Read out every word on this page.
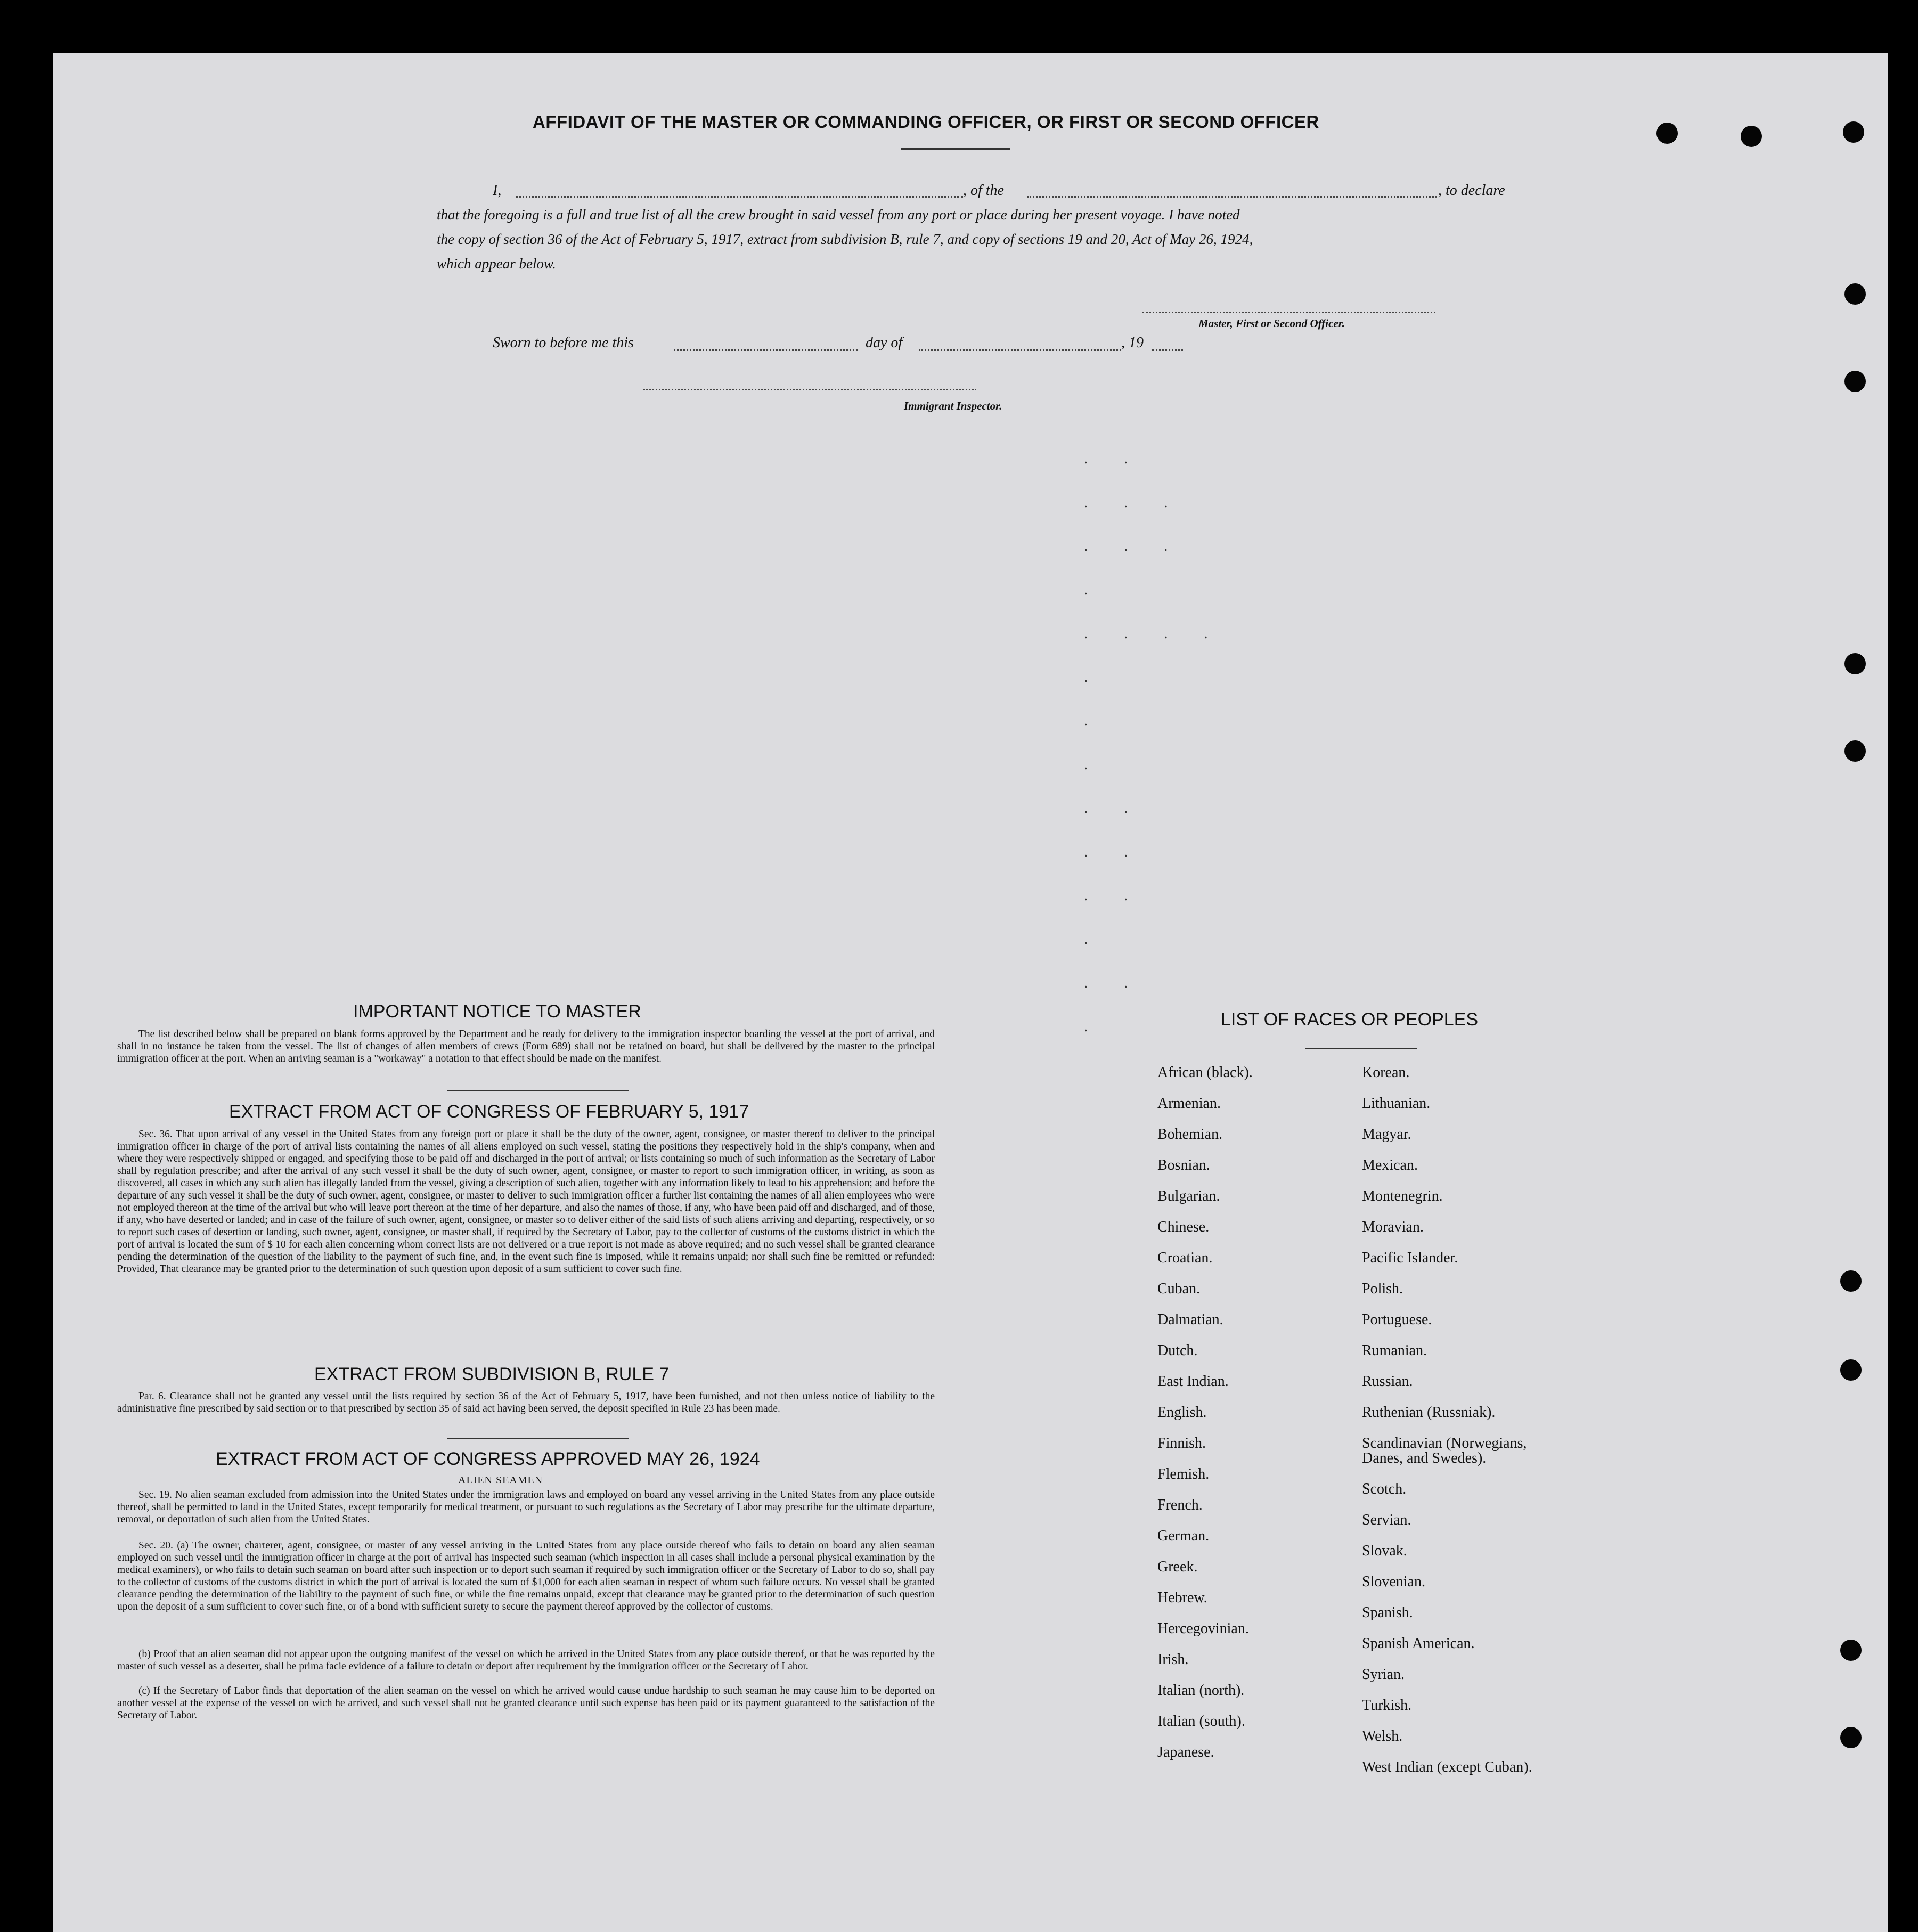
AFFIDAVIT OF THE MASTER OR COMMANDING OFFICER, OR FIRST OR SECOND OFFICER
I,	, of the	, to declare
that the foregoing is a full and true list of all the crew brought in said vessel from any port or place during her present voyage. I have noted
the copy of section 36 of the Act of February 5, 1917, extract from subdivision B, rule 7, and copy of sections 19 and 20, Act of May 26, 1924,
which appear below.
Master, First or Second Officer.
Sworn to before me this	day of	, 19
Immigrant Inspector.
. .
. . .
. . .
.
. . . .
.
.
.
. .
. .
. .
.
. .
.
IMPORTANT NOTICE TO MASTER
The list described below shall be prepared on blank forms approved by the Department and be ready for delivery to the immigration inspector boarding the vessel at the port of arrival, and shall in no instance be taken from the vessel. The list of changes of alien members of crews (Form 689) shall not be retained on board, but shall be delivered by the master to the principal immigration officer at the port. When an arriving seaman is a "workaway" a notation to that effect should be made on the manifest.
EXTRACT FROM ACT OF CONGRESS OF FEBRUARY 5, 1917
Sec. 36. That upon arrival of any vessel in the United States from any foreign port or place it shall be the duty of the owner, agent, consignee, or master thereof to deliver to the principal immigration officer in charge of the port of arrival lists containing the names of all aliens employed on such vessel, stating the positions they respectively hold in the ship's company, when and where they were respectively shipped or engaged, and specifying those to be paid off and discharged in the port of arrival; or lists containing so much of such information as the Secretary of Labor shall by regulation prescribe; and after the arrival of any such vessel it shall be the duty of such owner, agent, consignee, or master to report to such immigration officer, in writing, as soon as discovered, all cases in which any such alien has illegally landed from the vessel, giving a description of such alien, together with any information likely to lead to his apprehension; and before the departure of any such vessel it shall be the duty of such owner, agent, consignee, or master to deliver to such immigration officer a further list containing the names of all alien employees who were not employed thereon at the time of the arrival but who will leave port thereon at the time of her departure, and also the names of those, if any, who have been paid off and discharged, and of those, if any, who have deserted or landed; and in case of the failure of such owner, agent, consignee, or master so to deliver either of the said lists of such aliens arriving and departing, respectively, or so to report such cases of desertion or landing, such owner, agent, consignee, or master shall, if required by the Secretary of Labor, pay to the collector of customs of the customs district in which the port of arrival is located the sum of $ 10 for each alien concerning whom correct lists are not delivered or a true report is not made as above required; and no such vessel shall be granted clearance pending the determination of the question of the liability to the payment of such fine, and, in the event such fine is imposed, while it remains unpaid; nor shall such fine be remitted or refunded: Provided, That clearance may be granted prior to the determination of such question upon deposit of a sum sufficient to cover such fine.
EXTRACT FROM SUBDIVISION B, RULE 7
Par. 6. Clearance shall not be granted any vessel until the lists required by section 36 of the Act of February 5, 1917, have been furnished, and not then unless notice of liability to the administrative fine prescribed by said section or to that prescribed by section 35 of said act having been served, the deposit specified in Rule 23 has been made.
EXTRACT FROM ACT OF CONGRESS APPROVED MAY 26, 1924
ALIEN SEAMEN
Sec. 19. No alien seaman excluded from admission into the United States under the immigration laws and employed on board any vessel arriving in the United States from any place outside thereof, shall be permitted to land in the United States, except temporarily for medical treatment, or pursuant to such regulations as the Secretary of Labor may prescribe for the ultimate departure, removal, or deportation of such alien from the United States.
Sec. 20. (a) The owner, charterer, agent, consignee, or master of any vessel arriving in the United States from any place outside thereof who fails to detain on board any alien seaman employed on such vessel until the immigration officer in charge at the port of arrival has inspected such seaman (which inspection in all cases shall include a personal physical examination by the medical examiners), or who fails to detain such seaman on board after such inspection or to deport such seaman if required by such immigration officer or the Secretary of Labor to do so, shall pay to the collector of customs of the customs district in which the port of arrival is located the sum of $1,000 for each alien seaman in respect of whom such failure occurs. No vessel shall be granted clearance pending the determination of the liability to the payment of such fine, or while the fine remains unpaid, except that clearance may be granted prior to the determination of such question upon the deposit of a sum sufficient to cover such fine, or of a bond with sufficient surety to secure the payment thereof approved by the collector of customs.
(b) Proof that an alien seaman did not appear upon the outgoing manifest of the vessel on which he arrived in the United States from any place outside thereof, or that he was reported by the master of such vessel as a deserter, shall be prima facie evidence of a failure to detain or deport after requirement by the immigration officer or the Secretary of Labor.
(c) If the Secretary of Labor finds that deportation of the alien seaman on the vessel on which he arrived would cause undue hardship to such seaman he may cause him to be deported on another vessel at the expense of the vessel on wich he arrived, and such vessel shall not be granted clearance until such expense has been paid or its payment guaranteed to the satisfaction of the Secretary of Labor.
LIST OF RACES OR PEOPLES
African (black).
Armenian.
Bohemian.
Bosnian.
Bulgarian.
Chinese.
Croatian.
Cuban.
Dalmatian.
Dutch.
East Indian.
English.
Finnish.
Flemish.
French.
German.
Greek.
Hebrew.
Hercegovinian.
Irish.
Italian (north).
Italian (south).
Japanese.
Korean.
Lithuanian.
Magyar.
Mexican.
Montenegrin.
Moravian.
Pacific Islander.
Polish.
Portuguese.
Rumanian.
Russian.
Ruthenian (Russniak).
Scandinavian (Norwegians, Danes, and Swedes).
Scotch.
Servian.
Slovak.
Slovenian.
Spanish.
Spanish American.
Syrian.
Turkish.
Welsh.
West Indian (except Cuban).
